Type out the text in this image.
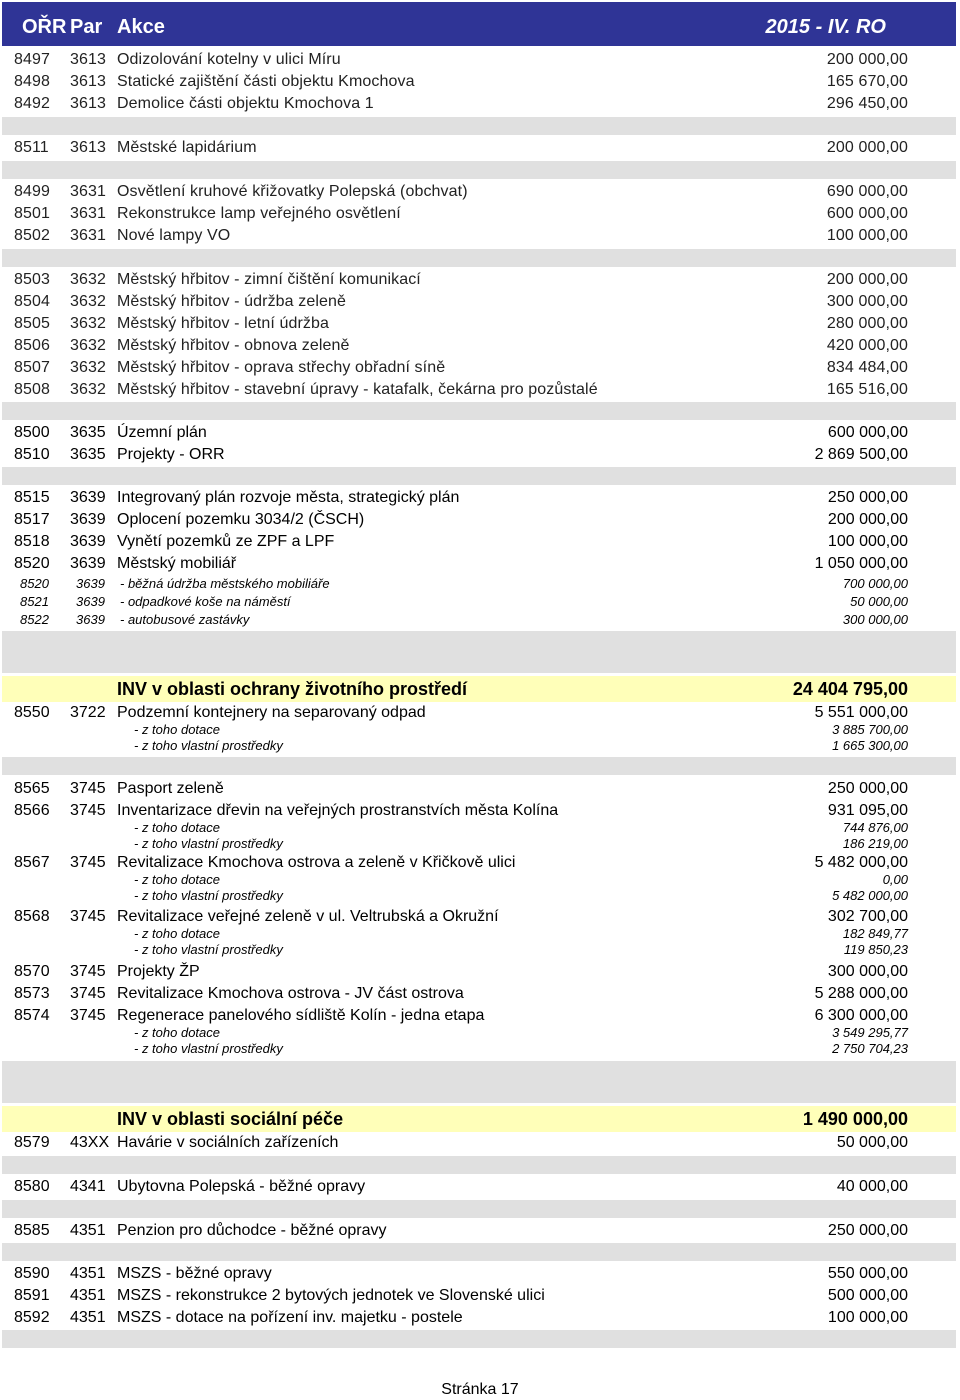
OŘR Par Akce	2015 - IV. RO
8497 3613 Odizolování kotelny v ulici Míru	200 000,00
8498 3613 Statické zajištění části objektu Kmochova	165 670,00
8492 3613 Demolice části objektu Kmochova 1	296 450,00
8511 3613 Městské lapidárium	200 000,00
8499 3631 Osvětlení kruhové křižovatky Polepská (obchvat)	690 000,00
8501 3631 Rekonstrukce lamp veřejného osvětlení	600 000,00
8502 3631 Nové lampy VO	100 000,00
8503 3632 Městský hřbitov - zimní čištění komunikací	200 000,00
8504 3632 Městský hřbitov - údržba zeleně	300 000,00
8505 3632 Městský hřbitov - letní údržba	280 000,00
8506 3632 Městský hřbitov - obnova zeleně	420 000,00
8507 3632 Městský hřbitov - oprava střechy obřadní síně	834 484,00
8508 3632 Městský hřbitov - stavební úpravy - katafalk, čekárna pro pozůstalé	165 516,00
8500 3635 Územní plán	600 000,00
8510 3635 Projekty - ORR	2 869 500,00
8515 3639 Integrovaný plán rozvoje města, strategický plán	250 000,00
8517 3639 Oplocení pozemku 3034/2 (ČSCH)	200 000,00
8518 3639 Vynětí pozemků ze ZPF a LPF	100 000,00
8520 3639 Městský mobiliář	1 050 000,00
8520 3639 - běžná údržba městského mobiliáře	700 000,00
8521 3639 - odpadkové koše na náměstí	50 000,00
8522 3639 - autobusové zastávky	300 000,00
INV v oblasti ochrany životního prostředí	24 404 795,00
8550 3722 Podzemní kontejnery na separovaný odpad	5 551 000,00
- z toho dotace	3 885 700,00
- z toho vlastní prostředky	1 665 300,00
8565 3745 Pasport zeleně	250 000,00
8566 3745 Inventarizace dřevin na veřejných prostranstvích města Kolína	931 095,00
- z toho dotace	744 876,00
- z toho vlastní prostředky	186 219,00
8567 3745 Revitalizace Kmochova ostrova a zeleně v Křičkově ulici	5 482 000,00
- z toho dotace	0,00
- z toho vlastní prostředky	5 482 000,00
8568 3745 Revitalizace veřejné zeleně v ul. Veltrubská a Okružní	302 700,00
- z toho dotace	182 849,77
- z toho vlastní prostředky	119 850,23
8570 3745 Projekty ŽP	300 000,00
8573 3745 Revitalizace Kmochova ostrova - JV část ostrova	5 288 000,00
8574 3745 Regenerace panelového sídliště Kolín - jedna etapa	6 300 000,00
- z toho dotace	3 549 295,77
- z toho vlastní prostředky	2 750 704,23
INV v oblasti sociální péče	1 490 000,00
8579 43XX Havárie v sociálních zařízeních	50 000,00
8580 4341 Ubytovna Polepská - běžné opravy	40 000,00
8585 4351 Penzion pro důchodce - běžné opravy	250 000,00
8590 4351 MSZS - běžné opravy	550 000,00
8591 4351 MSZS - rekonstrukce 2 bytových jednotek ve Slovenské ulici	500 000,00
8592 4351 MSZS - dotace na pořízení inv. majetku - postele	100 000,00
Stránka 17
